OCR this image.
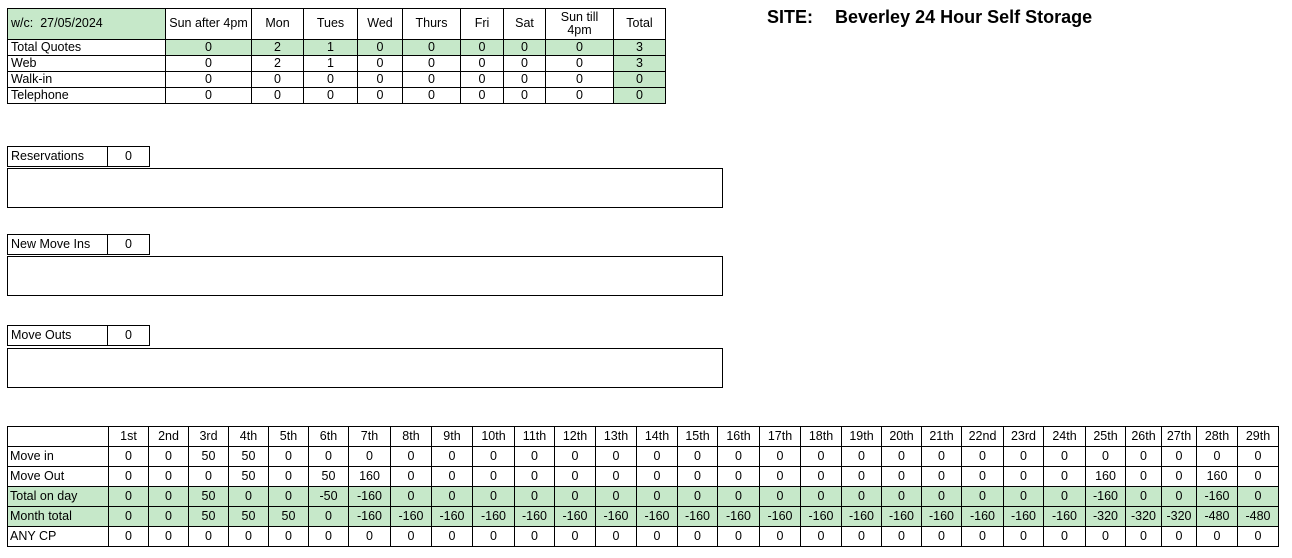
w/c: 27/05/2024	Sun after 4pm	Mon	Tues	Wed	Thurs	Fri	Sat	Sun till 4pm	Total
Total Quotes	0	2	1	0	0	0	0	0	3
Web	0	2	1	0	0	0	0	0	3
Walk-in	0	0	0	0	0	0	0	0	0
Telephone	0	0	0	0	0	0	0	0	0
SITE: Beverley 24 Hour Self Storage
Reservations	0
New Move Ins	0
Move Outs	0
	1st	2nd	3rd	4th	5th	6th	7th	8th	9th	10th	11th	12th	13th	14th	15th	16th	17th	18th	19th	20th	21th	22nd	23rd	24th	25th	26th	27th	28th	29th
Move in	0	0	50	50	0	0	0	0	0	0	0	0	0	0	0	0	0	0	0	0	0	0	0	0	0	0	0	0	0
Move Out	0	0	0	50	0	50	160	0	0	0	0	0	0	0	0	0	0	0	0	0	0	0	0	0	160	0	0	160	0
Total on day	0	0	50	0	0	-50	-160	0	0	0	0	0	0	0	0	0	0	0	0	0	0	0	0	0	-160	0	0	-160	0
Month total	0	0	50	50	50	0	-160	-160	-160	-160	-160	-160	-160	-160	-160	-160	-160	-160	-160	-160	-160	-160	-160	-160	-320	-320	-320	-480	-480
ANY CP	0	0	0	0	0	0	0	0	0	0	0	0	0	0	0	0	0	0	0	0	0	0	0	0	0	0	0	0	0
